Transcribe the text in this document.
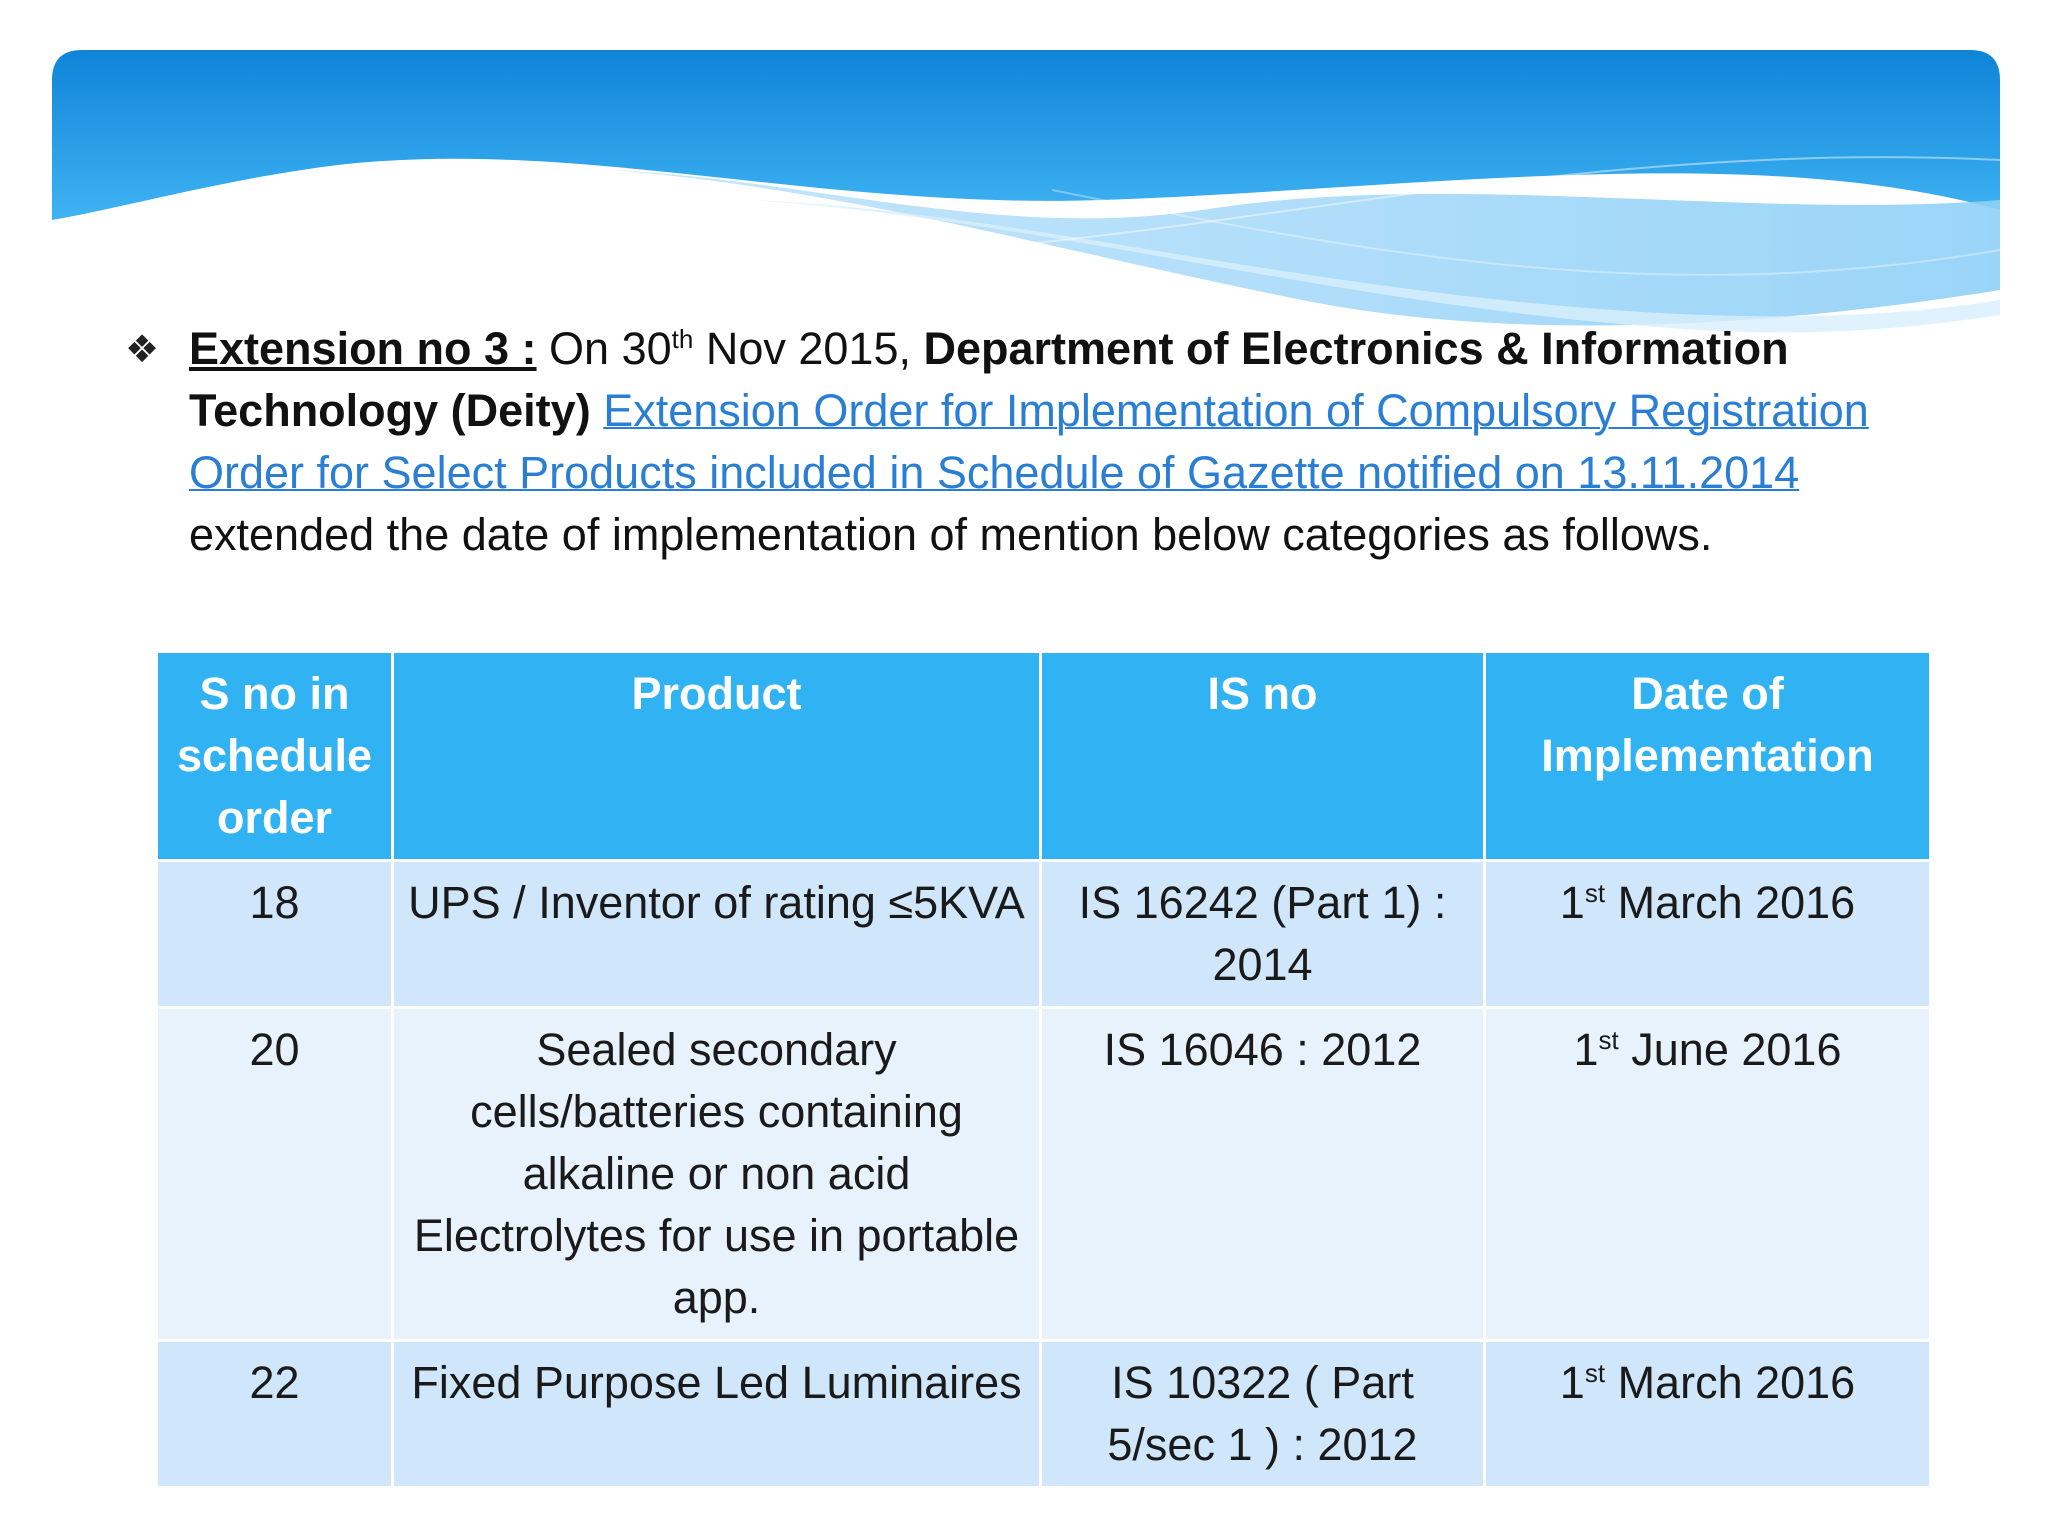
❖ Extension no 3 : On 30th Nov 2015, Department of Electronics & Information Technology (Deity) Extension Order for Implementation of Compulsory Registration Order for Select Products included in Schedule of Gazette notified on 13.11.2014 extended the date of implementation of mention below categories as follows.
S no in schedule order	Product	IS no	Date of Implementation
18	UPS / Inventor of rating ≤5KVA	IS 16242 (Part 1) : 2014	1st March 2016
20	Sealed secondary cells/batteries containing alkaline or non acid Electrolytes for use in portable app.	IS 16046 : 2012	1st June 2016
22	Fixed Purpose Led Luminaires	IS 10322 ( Part 5/sec 1 ) : 2012	1st March 2016
